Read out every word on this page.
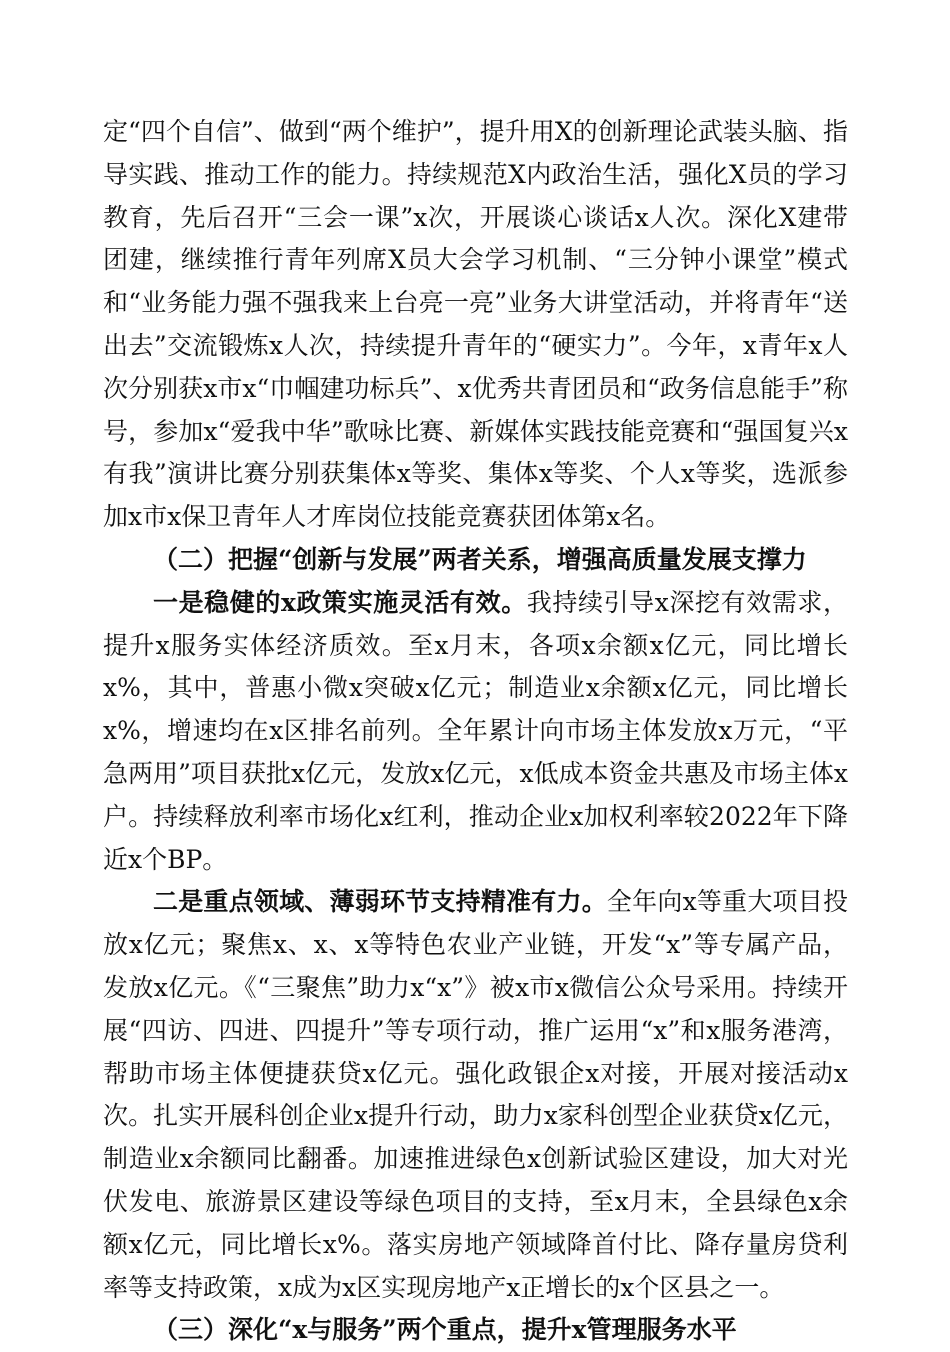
定“四个自信”、做到“两个维护”，提升用X的创新理论武装头脑、指导实践、推动工作的能力。持续规范X内政治生活，强化X员的学习教育，先后召开“三会一课”x次，开展谈心谈话x人次。深化X建带团建，继续推行青年列席X员大会学习机制、“三分钟小课堂”模式和“业务能力强不强我来上台亮一亮”业务大讲堂活动，并将青年“送出去”交流锻炼x人次，持续提升青年的“硬实力”。今年，x青年x人次分别获x市x“巾帼建功标兵”、x优秀共青团员和“政务信息能手”称号，参加x“爱我中华”歌咏比赛、新媒体实践技能竞赛和“强国复兴x有我”演讲比赛分别获集体x等奖、集体x等奖、个人x等奖，选派参加x市x保卫青年人才库岗位技能竞赛获团体第x名。

（二）把握“创新与发展”两者关系，增强高质量发展支撑力

一是稳健的x政策实施灵活有效。我持续引导x深挖有效需求，提升x服务实体经济质效。至x月末，各项x余额x亿元，同比增长x%，其中，普惠小微x突破x亿元；制造业x余额x亿元，同比增长x%，增速均在x区排名前列。全年累计向市场主体发放x万元，“平急两用”项目获批x亿元，发放x亿元，x低成本资金共惠及市场主体x户。持续释放利率市场化x红利，推动企业x加权利率较2022年下降近x个BP。

二是重点领域、薄弱环节支持精准有力。全年向x等重大项目投放x亿元；聚焦x、x、x等特色农业产业链，开发“x”等专属产品，发放x亿元。《“三聚焦”助力x“x”》被x市x微信公众号采用。持续开展“四访、四进、四提升”等专项行动，推广运用“x”和x服务港湾，帮助市场主体便捷获贷x亿元。强化政银企x对接，开展对接活动x次。扎实开展科创企业x提升行动，助力x家科创型企业获贷x亿元，制造业x余额同比翻番。加速推进绿色x创新试验区建设，加大对光伏发电、旅游景区建设等绿色项目的支持，至x月末，全县绿色x余额x亿元，同比增长x%。落实房地产领域降首付比、降存量房贷利率等支持政策，x成为x区实现房地产x正增长的x个区县之一。

（三）深化“x与服务”两个重点，提升x管理服务水平
